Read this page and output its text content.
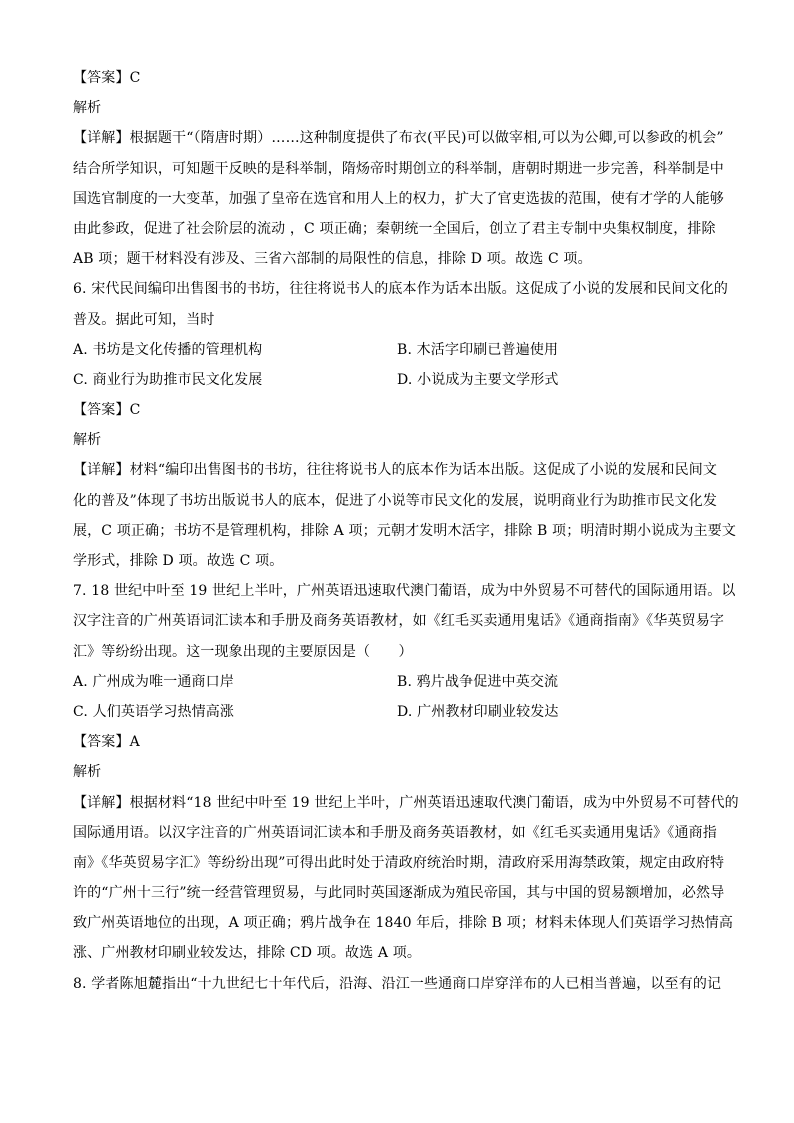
【答案】C
解析
【详解】根据题干“（隋唐时期）……这种制度提供了布衣(平民)可以做宰相,可以为公卿,可以参政的机会”
结合所学知识，可知题干反映的是科举制，隋炀帝时期创立的科举制，唐朝时期进一步完善，科举制是中
国选官制度的一大变革，加强了皇帝在选官和用人上的权力，扩大了官吏选拔的范围，使有才学的人能够
由此参政，促进了社会阶层的流动 ，C 项正确；秦朝统一全国后，创立了君主专制中央集权制度，排除
AB 项；题干材料没有涉及、三省六部制的局限性的信息，排除 D 项。故选 C 项。
6. 宋代民间编印出售图书的书坊，往往将说书人的底本作为话本出版。这促成了小说的发展和民间文化的
普及。据此可知，当时
A. 书坊是文化传播的管理机构	B. 木活字印刷已普遍使用
C. 商业行为助推市民文化发展	D. 小说成为主要文学形式
【答案】C
解析
【详解】材料“编印出售图书的书坊，往往将说书人的底本作为话本出版。这促成了小说的发展和民间文
化的普及”体现了书坊出版说书人的底本，促进了小说等市民文化的发展，说明商业行为助推市民文化发
展，C 项正确；书坊不是管理机构，排除 A 项；元朝才发明木活字，排除 B 项；明清时期小说成为主要文
学形式，排除 D 项。故选 C 项。
7. 18 世纪中叶至 19 世纪上半叶，广州英语迅速取代澳门葡语，成为中外贸易不可替代的国际通用语。以
汉字注音的广州英语词汇读本和手册及商务英语教材，如《红毛买卖通用鬼话》《通商指南》《华英贸易字
汇》等纷纷出现。这一现象出现的主要原因是（　　）
A. 广州成为唯一通商口岸	B. 鸦片战争促进中英交流
C. 人们英语学习热情高涨	D. 广州教材印刷业较发达
【答案】A
解析
【详解】根据材料“18 世纪中叶至 19 世纪上半叶，广州英语迅速取代澳门葡语，成为中外贸易不可替代的
国际通用语。以汉字注音的广州英语词汇读本和手册及商务英语教材，如《红毛买卖通用鬼话》《通商指
南》《华英贸易字汇》等纷纷出现”可得出此时处于清政府统治时期，清政府采用海禁政策，规定由政府特
许的“广州十三行”统一经营管理贸易，与此同时英国逐渐成为殖民帝国，其与中国的贸易额增加，必然导
致广州英语地位的出现，A 项正确；鸦片战争在 1840 年后，排除 B 项；材料未体现人们英语学习热情高
涨、广州教材印刷业较发达，排除 CD 项。故选 A 项。
8. 学者陈旭麓指出“十九世纪七十年代后，沿海、沿江一些通商口岸穿洋布的人已相当普遍，以至有的记
